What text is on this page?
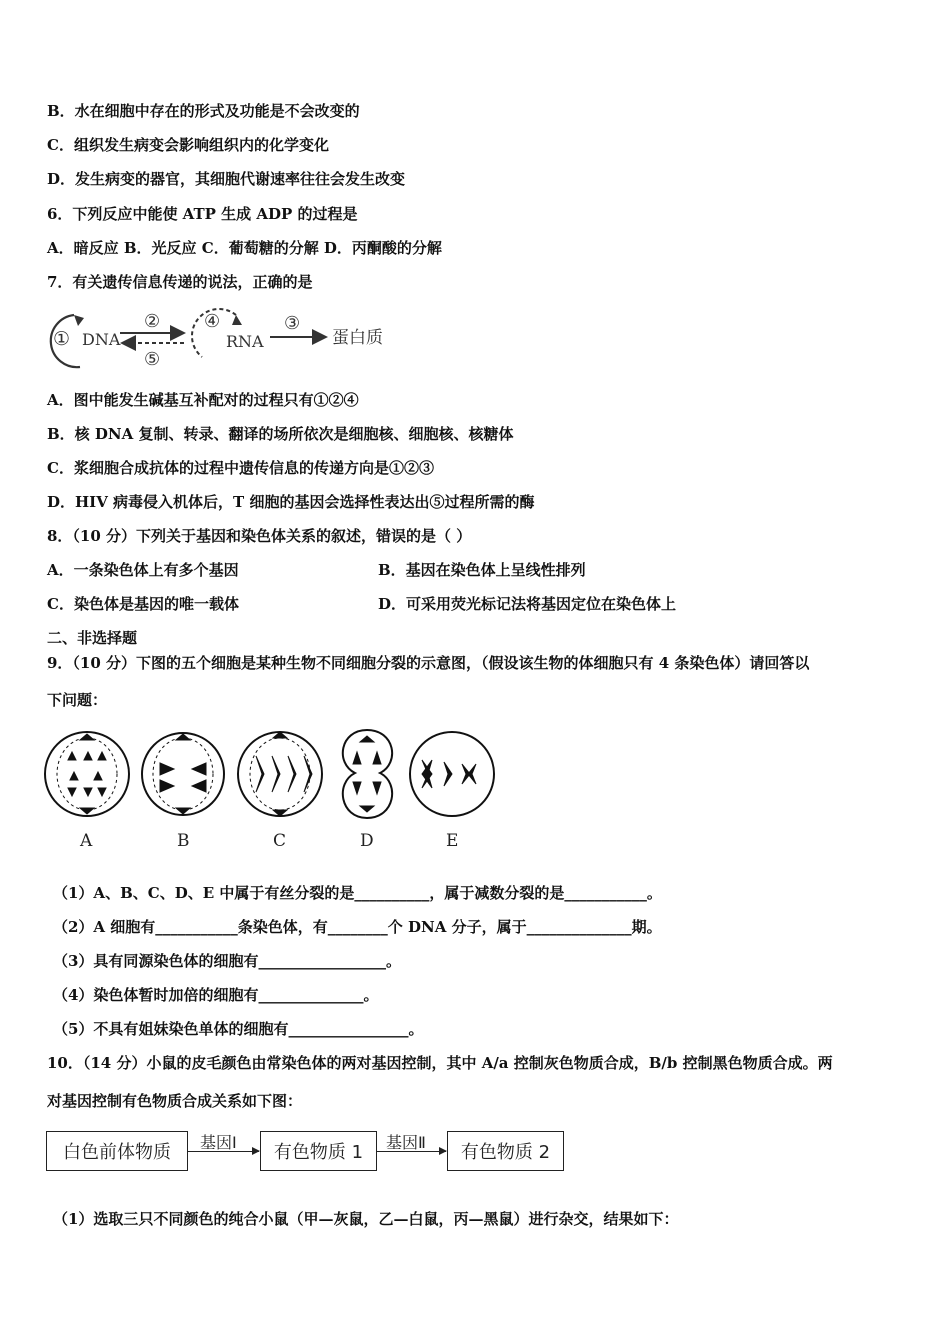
B．水在细胞中存在的形式及功能是不会改变的
C．组织发生病变会影响组织内的化学变化
D．发生病变的器官，其细胞代谢速率往往会发生改变
6．下列反应中能使 ATP 生成 ADP 的过程是
A．暗反应 B．光反应 C．葡萄糖的分解 D．丙酮酸的分解
7．有关遗传信息传递的说法，正确的是
① DNA
②
⑤
④
RNA
③
蛋白质
A．图中能发生碱基互补配对的过程只有①②④
B．核 DNA 复制、转录、翻译的场所依次是细胞核、细胞核、核糖体
C．浆细胞合成抗体的过程中遗传信息的传递方向是①②③
D．HIV 病毒侵入机体后，T 细胞的基因会选择性表达出⑤过程所需的酶
8．（10 分）下列关于基因和染色体关系的叙述，错误的是（ ）
A．一条染色体上有多个基因	B．基因在染色体上呈线性排列
C．染色体是基因的唯一载体	D．可采用荧光标记法将基因定位在染色体上
二、非选择题
9．（10 分）下图的五个细胞是某种生物不同细胞分裂的示意图，（假设该生物的体细胞只有 4 条染色体）请回答以
下问题：
A	B	C	D	E
（1）A、B、C、D、E 中属于有丝分裂的是__________，属于减数分裂的是___________。
（2）A 细胞有___________条染色体，有________个 DNA 分子，属于______________期。
（3）具有同源染色体的细胞有_________________。
（4）染色体暂时加倍的细胞有______________。
（5）不具有姐妹染色单体的细胞有________________。
10．（14 分）小鼠的皮毛颜色由常染色体的两对基因控制，其中 A/a 控制灰色物质合成，B/b 控制黑色物质合成。两
对基因控制有色物质合成关系如下图：
白色前体物质	基因Ⅰ	有色物质 1	基因Ⅱ	有色物质 2
（1）选取三只不同颜色的纯合小鼠（甲—灰鼠，乙—白鼠，丙—黑鼠）进行杂交，结果如下：
